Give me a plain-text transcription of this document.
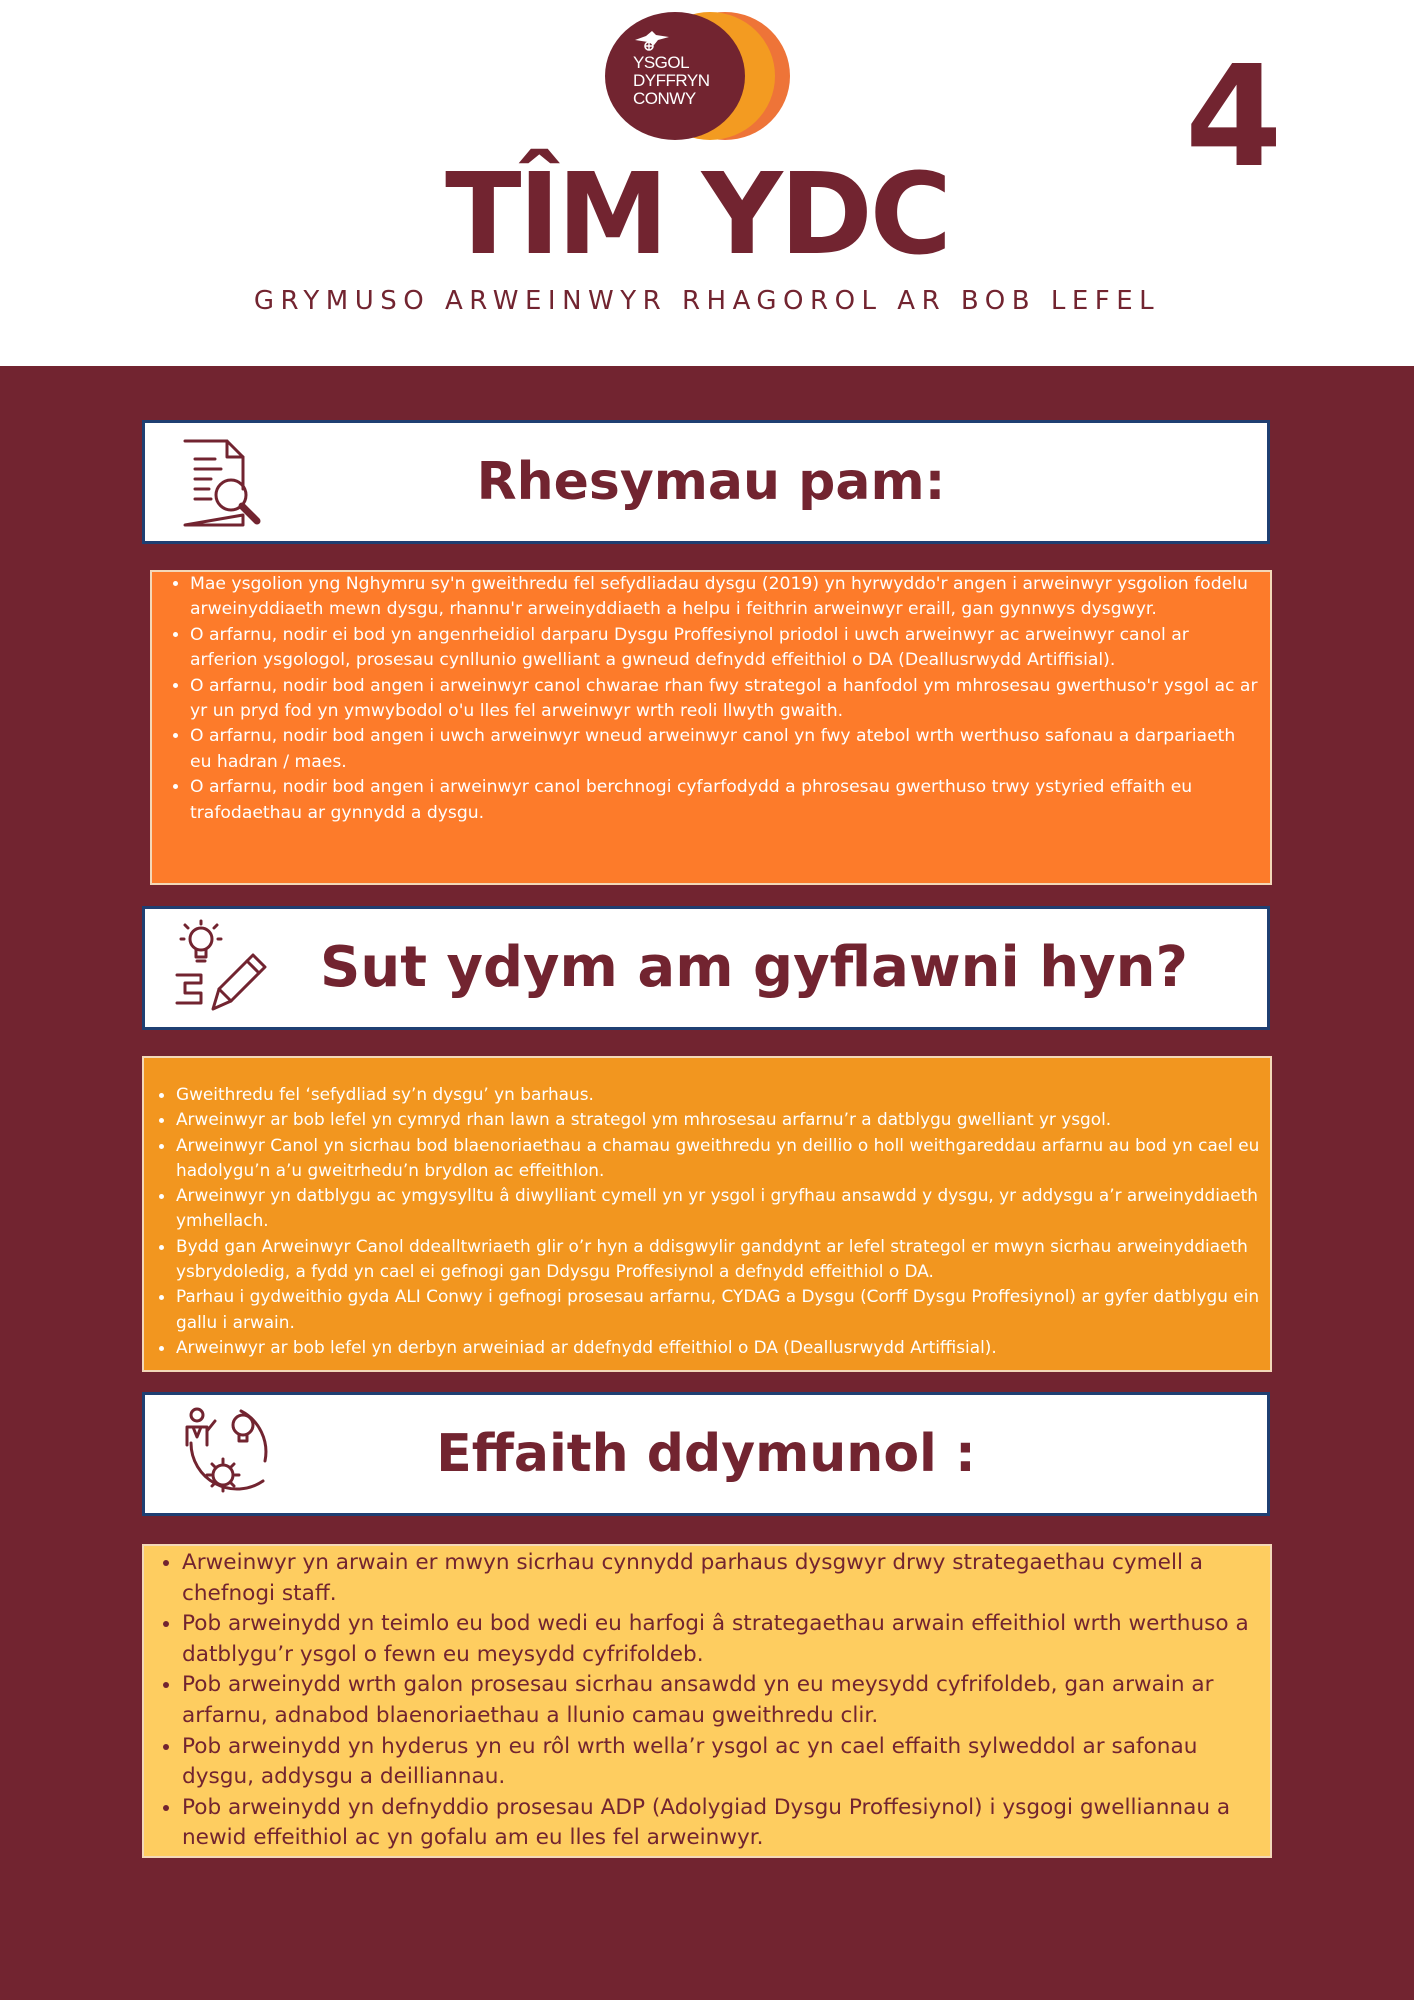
YSGOL
DYFFRYN
CONWY	4
TÎM YDC
GRYMUSO ARWEINWYR RHAGOROL AR BOB LEFEL
Rhesymau pam:
• Mae ysgolion yng Nghymru sy'n gweithredu fel sefydliadau dysgu (2019) yn hyrwyddo'r angen i arweinwyr ysgolion fodelu arweinyddiaeth mewn dysgu, rhannu'r arweinyddiaeth a helpu i feithrin arweinwyr eraill, gan gynnwys dysgwyr.
• O arfarnu, nodir ei bod yn angenrheidiol darparu Dysgu Proffesiynol priodol i uwch arweinwyr ac arweinwyr canol ar arferion ysgologol, prosesau cynllunio gwelliant a gwneud defnydd effeithiol o DA (Deallusrwydd Artiffisial).
• O arfarnu, nodir bod angen i arweinwyr canol chwarae rhan fwy strategol a hanfodol ym mhrosesau gwerthuso'r ysgol ac ar yr un pryd fod yn ymwybodol o'u lles fel arweinwyr wrth reoli llwyth gwaith.
• O arfarnu, nodir bod angen i uwch arweinwyr wneud arweinwyr canol yn fwy atebol wrth werthuso safonau a darpariaeth eu hadran / maes.
• O arfarnu, nodir bod angen i arweinwyr canol berchnogi cyfarfodydd a phrosesau gwerthuso trwy ystyried effaith eu trafodaethau ar gynnydd a dysgu.
Sut ydym am gyflawni hyn?
• Gweithredu fel ‘sefydliad sy’n dysgu’ yn barhaus.
• Arweinwyr ar bob lefel yn cymryd rhan lawn a strategol ym mhrosesau arfarnu’r a datblygu gwelliant yr ysgol.
• Arweinwyr Canol yn sicrhau bod blaenoriaethau a chamau gweithredu yn deillio o holl weithgareddau arfarnu au bod yn cael eu hadolygu’n a’u gweitrhedu’n brydlon ac effeithlon.
• Arweinwyr yn datblygu ac ymgysylltu â diwylliant cymell yn yr ysgol i gryfhau ansawdd y dysgu, yr addysgu a’r arweinyddiaeth ymhellach.
• Bydd gan Arweinwyr Canol ddealltwriaeth glir o’r hyn a ddisgwylir ganddynt ar lefel strategol er mwyn sicrhau arweinyddiaeth ysbrydoledig, a fydd yn cael ei gefnogi gan Ddysgu Proffesiynol a defnydd effeithiol o DA.
• Parhau i gydweithio gyda ALI Conwy i gefnogi prosesau arfarnu, CYDAG a Dysgu (Corff Dysgu Proffesiynol) ar gyfer datblygu ein gallu i arwain.
• Arweinwyr ar bob lefel yn derbyn arweiniad ar ddefnydd effeithiol o DA (Deallusrwydd Artiffisial).
Effaith ddymunol :
• Arweinwyr yn arwain er mwyn sicrhau cynnydd parhaus dysgwyr drwy strategaethau cymell a chefnogi staff.
• Pob arweinydd yn teimlo eu bod wedi eu harfogi â strategaethau arwain effeithiol wrth werthuso a datblygu’r ysgol o fewn eu meysydd cyfrifoldeb.
• Pob arweinydd wrth galon prosesau sicrhau ansawdd yn eu meysydd cyfrifoldeb, gan arwain ar arfarnu, adnabod blaenoriaethau a llunio camau gweithredu clir.
• Pob arweinydd yn hyderus yn eu rôl wrth wella’r ysgol ac yn cael effaith sylweddol ar safonau dysgu, addysgu a deilliannau.
• Pob arweinydd yn defnyddio prosesau ADP (Adolygiad Dysgu Proffesiynol) i ysgogi gwelliannau a newid effeithiol ac yn gofalu am eu lles fel arweinwyr.
